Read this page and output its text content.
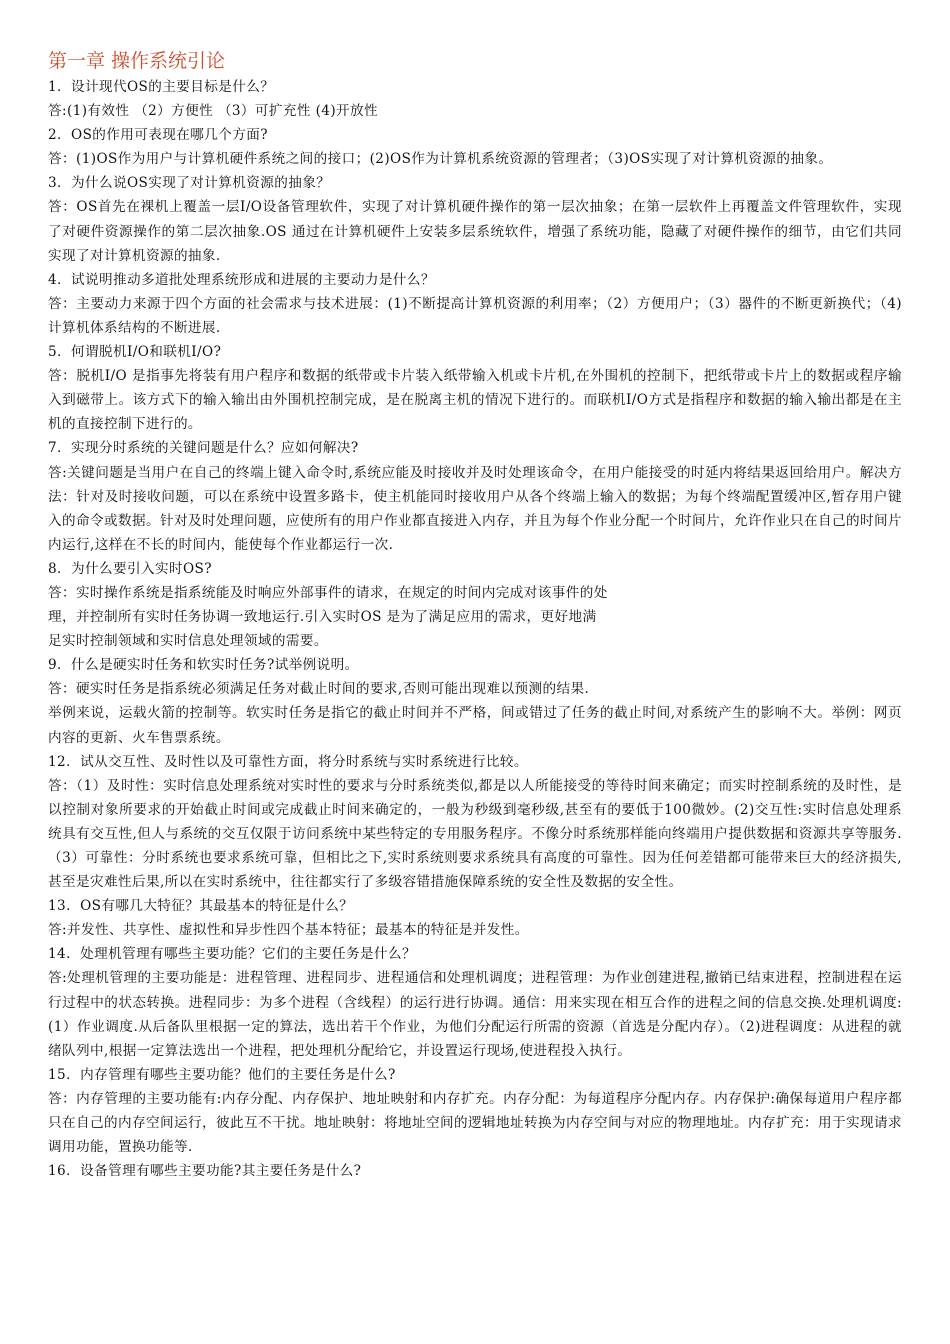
第一章 操作系统引论

1．设计现代OS的主要目标是什么？

答:(1)有效性 （2）方便性 （3）可扩充性 (4)开放性

2．OS的作用可表现在哪几个方面?

答：(1)OS作为用户与计算机硬件系统之间的接口；(2)OS作为计算机系统资源的管理者；（3)OS实现了对计算机资源的抽象。

3．为什么说OS实现了对计算机资源的抽象？

答：OS首先在裸机上覆盖一层I/O设备管理软件，实现了对计算机硬件操作的第一层次抽象；在第一层软件上再覆盖文件管理软件，实现了对硬件资源操作的第二层次抽象.OS 通过在计算机硬件上安装多层系统软件，增强了系统功能，隐藏了对硬件操作的细节，由它们共同实现了对计算机资源的抽象.

4．试说明推动多道批处理系统形成和进展的主要动力是什么？

答：主要动力来源于四个方面的社会需求与技术进展：(1)不断提高计算机资源的利用率；（2）方便用户；（3）器件的不断更新换代；（4)计算机体系结构的不断进展.

5．何谓脱机I/O和联机I/O?

答：脱机I/O 是指事先将装有用户程序和数据的纸带或卡片装入纸带输入机或卡片机,在外围机的控制下，把纸带或卡片上的数据或程序输入到磁带上。该方式下的输入输出由外围机控制完成，是在脱离主机的情况下进行的。而联机I/O方式是指程序和数据的输入输出都是在主机的直接控制下进行的。

7．实现分时系统的关键问题是什么？应如何解决?

答:关键问题是当用户在自己的终端上键入命令时,系统应能及时接收并及时处理该命令，在用户能接受的时延内将结果返回给用户。解决方法：针对及时接收问题，可以在系统中设置多路卡，使主机能同时接收用户从各个终端上输入的数据；为每个终端配置缓冲区,暂存用户键入的命令或数据。针对及时处理问题，应使所有的用户作业都直接进入内存，并且为每个作业分配一个时间片，允许作业只在自己的时间片内运行,这样在不长的时间内，能使每个作业都运行一次.

8．为什么要引入实时OS?

答：实时操作系统是指系统能及时响应外部事件的请求，在规定的时间内完成对该事件的处
理，并控制所有实时任务协调一致地运行.引入实时OS 是为了满足应用的需求，更好地满
足实时控制领域和实时信息处理领域的需要。

9．什么是硬实时任务和软实时任务?试举例说明。

答：硬实时任务是指系统必须满足任务对截止时间的要求,否则可能出现难以预测的结果.
举例来说，运载火箭的控制等。软实时任务是指它的截止时间并不严格，间或错过了任务的截止时间,对系统产生的影响不大。举例：网页内容的更新、火车售票系统。

12．试从交互性、及时性以及可靠性方面，将分时系统与实时系统进行比较。

答：（1）及时性：实时信息处理系统对实时性的要求与分时系统类似,都是以人所能接受的等待时间来确定；而实时控制系统的及时性，是以控制对象所要求的开始截止时间或完成截止时间来确定的，一般为秒级到毫秒级,甚至有的要低于100微妙。(2)交互性:实时信息处理系统具有交互性,但人与系统的交互仅限于访问系统中某些特定的专用服务程序。不像分时系统那样能向终端用户提供数据和资源共享等服务.（3）可靠性：分时系统也要求系统可靠，但相比之下,实时系统则要求系统具有高度的可靠性。因为任何差错都可能带来巨大的经济损失,甚至是灾难性后果,所以在实时系统中，往往都实行了多级容错措施保障系统的安全性及数据的安全性。

13．OS有哪几大特征？其最基本的特征是什么？

答:并发性、共享性、虚拟性和异步性四个基本特征；最基本的特征是并发性。

14．处理机管理有哪些主要功能？它们的主要任务是什么？

答:处理机管理的主要功能是：进程管理、进程同步、进程通信和处理机调度；进程管理：为作业创建进程,撤销已结束进程，控制进程在运行过程中的状态转换。进程同步：为多个进程（含线程）的运行进行协调。通信：用来实现在相互合作的进程之间的信息交换.处理机调度:(1）作业调度.从后备队里根据一定的算法，选出若干个作业，为他们分配运行所需的资源（首选是分配内存）。（2)进程调度：从进程的就绪队列中,根据一定算法选出一个进程，把处理机分配给它，并设置运行现场,使进程投入执行。

15．内存管理有哪些主要功能？他们的主要任务是什么?

答：内存管理的主要功能有:内存分配、内存保护、地址映射和内存扩充。内存分配：为每道程序分配内存。内存保护:确保每道用户程序都只在自己的内存空间运行，彼此互不干扰。地址映射：将地址空间的逻辑地址转换为内存空间与对应的物理地址。内存扩充：用于实现请求调用功能，置换功能等.

16．设备管理有哪些主要功能?其主要任务是什么?
